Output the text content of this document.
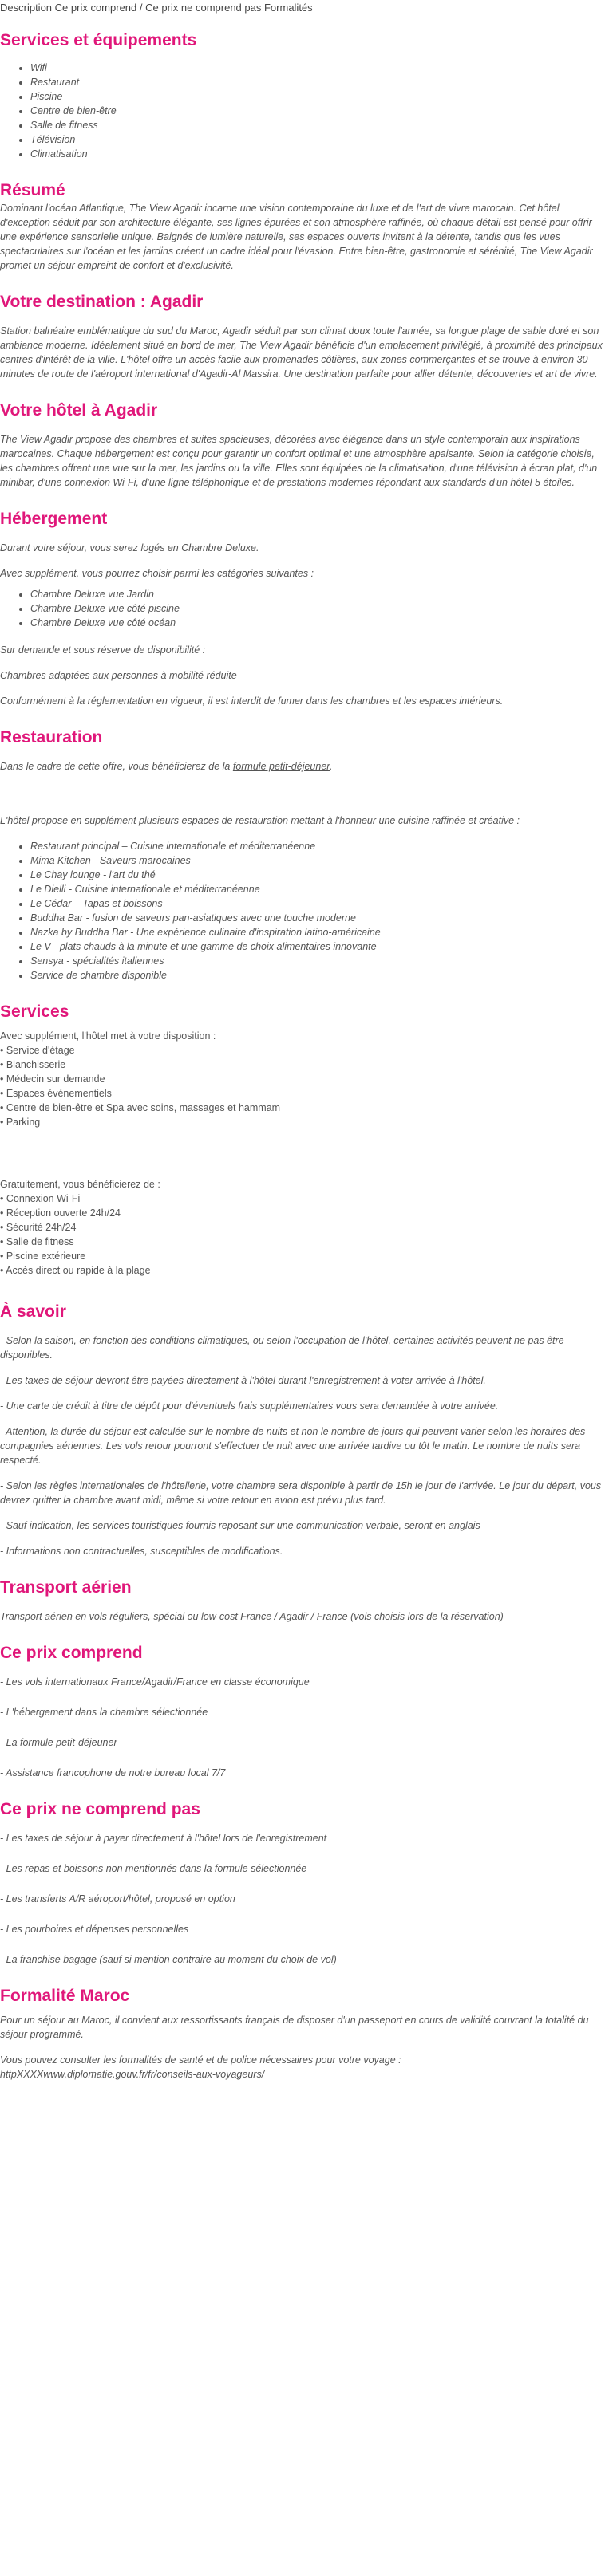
Description Ce prix comprend / Ce prix ne comprend pas Formalités
Services et équipements
• Wifi
• Restaurant
• Piscine
• Centre de bien-être
• Salle de fitness
• Télévision
• Climatisation
Résumé

Dominant l'océan Atlantique, The View Agadir incarne une vision contemporaine du luxe et de l'art de vivre marocain. Cet hôtel d'exception séduit par son architecture élégante, ses lignes épurées et son atmosphère raffinée, où chaque détail est pensé pour offrir une expérience sensorielle unique. Baignés de lumière naturelle, ses espaces ouverts invitent à la détente, tandis que les vues spectaculaires sur l'océan et les jardins créent un cadre idéal pour l'évasion. Entre bien-être, gastronomie et sérénité, The View Agadir promet un séjour empreint de confort et d'exclusivité.

Votre destination : Agadir

Station balnéaire emblématique du sud du Maroc, Agadir séduit par son climat doux toute l'année, sa longue plage de sable doré et son ambiance moderne. Idéalement situé en bord de mer, The View Agadir bénéficie d'un emplacement privilégié, à proximité des principaux centres d'intérêt de la ville. L'hôtel offre un accès facile aux promenades côtières, aux zones commerçantes et se trouve à environ 30 minutes de route de l'aéroport international d'Agadir-Al Massira. Une destination parfaite pour allier détente, découvertes et art de vivre.

Votre hôtel à Agadir

The View Agadir propose des chambres et suites spacieuses, décorées avec élégance dans un style contemporain aux inspirations marocaines. Chaque hébergement est conçu pour garantir un confort optimal et une atmosphère apaisante. Selon la catégorie choisie, les chambres offrent une vue sur la mer, les jardins ou la ville. Elles sont équipées de la climatisation, d'une télévision à écran plat, d'un minibar, d'une connexion Wi-Fi, d'une ligne téléphonique et de prestations modernes répondant aux standards d'un hôtel 5 étoiles.

Hébergement

Durant votre séjour, vous serez logés en Chambre Deluxe.

Avec supplément, vous pourrez choisir parmi les catégories suivantes :

• Chambre Deluxe vue Jardin
• Chambre Deluxe vue côté piscine
• Chambre Deluxe vue côté océan

Sur demande et sous réserve de disponibilité :

Chambres adaptées aux personnes à mobilité réduite

Conformément à la réglementation en vigueur, il est interdit de fumer dans les chambres et les espaces intérieurs.

Restauration

Dans le cadre de cette offre, vous bénéficierez de la formule petit-déjeuner.

L'hôtel propose en supplément plusieurs espaces de restauration mettant à l'honneur une cuisine raffinée et créative :

• Restaurant principal – Cuisine internationale et méditerranéenne
• Mima Kitchen - Saveurs marocaines
• Le Chay lounge - l'art du thé
• Le Dielli - Cuisine internationale et méditerranéenne
• Le Cédar – Tapas et boissons
• Buddha Bar - fusion de saveurs pan-asiatiques avec une touche moderne
• Nazka by Buddha Bar - Une expérience culinaire d'inspiration latino-américaine
• Le V - plats chauds à la minute et une gamme de choix alimentaires innovante
• Sensya - spécialités italiennes
• Service de chambre disponible
Services

Avec supplément, l'hôtel met à votre disposition :

• Service d'étage

• Blanchisserie

• Médecin sur demande

• Espaces événementiels

• Centre de bien-être et Spa avec soins, massages et hammam

• Parking

Gratuitement, vous bénéficierez de :

• Connexion Wi-Fi

• Réception ouverte 24h/24

• Sécurité 24h/24

• Salle de fitness

• Piscine extérieure

• Accès direct ou rapide à la plage

À savoir

- Selon la saison, en fonction des conditions climatiques, ou selon l'occupation de l'hôtel, certaines activités peuvent ne pas être disponibles.

- Les taxes de séjour devront être payées directement à l'hôtel durant l'enregistrement à voter arrivée à l'hôtel.

- Une carte de crédit à titre de dépôt pour d'éventuels frais supplémentaires vous sera demandée à votre arrivée.

- Attention, la durée du séjour est calculée sur le nombre de nuits et non le nombre de jours qui peuvent varier selon les horaires des compagnies aériennes. Les vols retour pourront s'effectuer de nuit avec une arrivée tardive ou tôt le matin. Le nombre de nuits sera respecté.

- Selon les règles internationales de l'hôtellerie, votre chambre sera disponible à partir de 15h le jour de l'arrivée. Le jour du départ, vous devrez quitter la chambre avant midi, même si votre retour en avion est prévu plus tard.

- Sauf indication, les services touristiques fournis reposant sur une communication verbale, seront en anglais

- Informations non contractuelles, susceptibles de modifications.

Transport aérien

Transport aérien en vols réguliers, spécial ou low-cost France / Agadir / France (vols choisis lors de la réservation)

Ce prix comprend

- Les vols internationaux France/Agadir/France en classe économique

- L'hébergement dans la chambre sélectionnée

- La formule petit-déjeuner

- Assistance francophone de notre bureau local 7/7

Ce prix ne comprend pas

- Les taxes de séjour à payer directement à l'hôtel lors de l'enregistrement

- Les repas et boissons non mentionnés dans la formule sélectionnée

- Les transferts A/R aéroport/hôtel, proposé en option

- Les pourboires et dépenses personnelles

- La franchise bagage (sauf si mention contraire au moment du choix de vol)

Formalité Maroc

Pour un séjour au Maroc, il convient aux ressortissants français de disposer d'un passeport en cours de validité couvrant la totalité du séjour programmé.

Vous pouvez consulter les formalités de santé et de police nécessaires pour votre voyage :

httpXXXXwww.diplomatie.gouv.fr/fr/conseils-aux-voyageurs/
